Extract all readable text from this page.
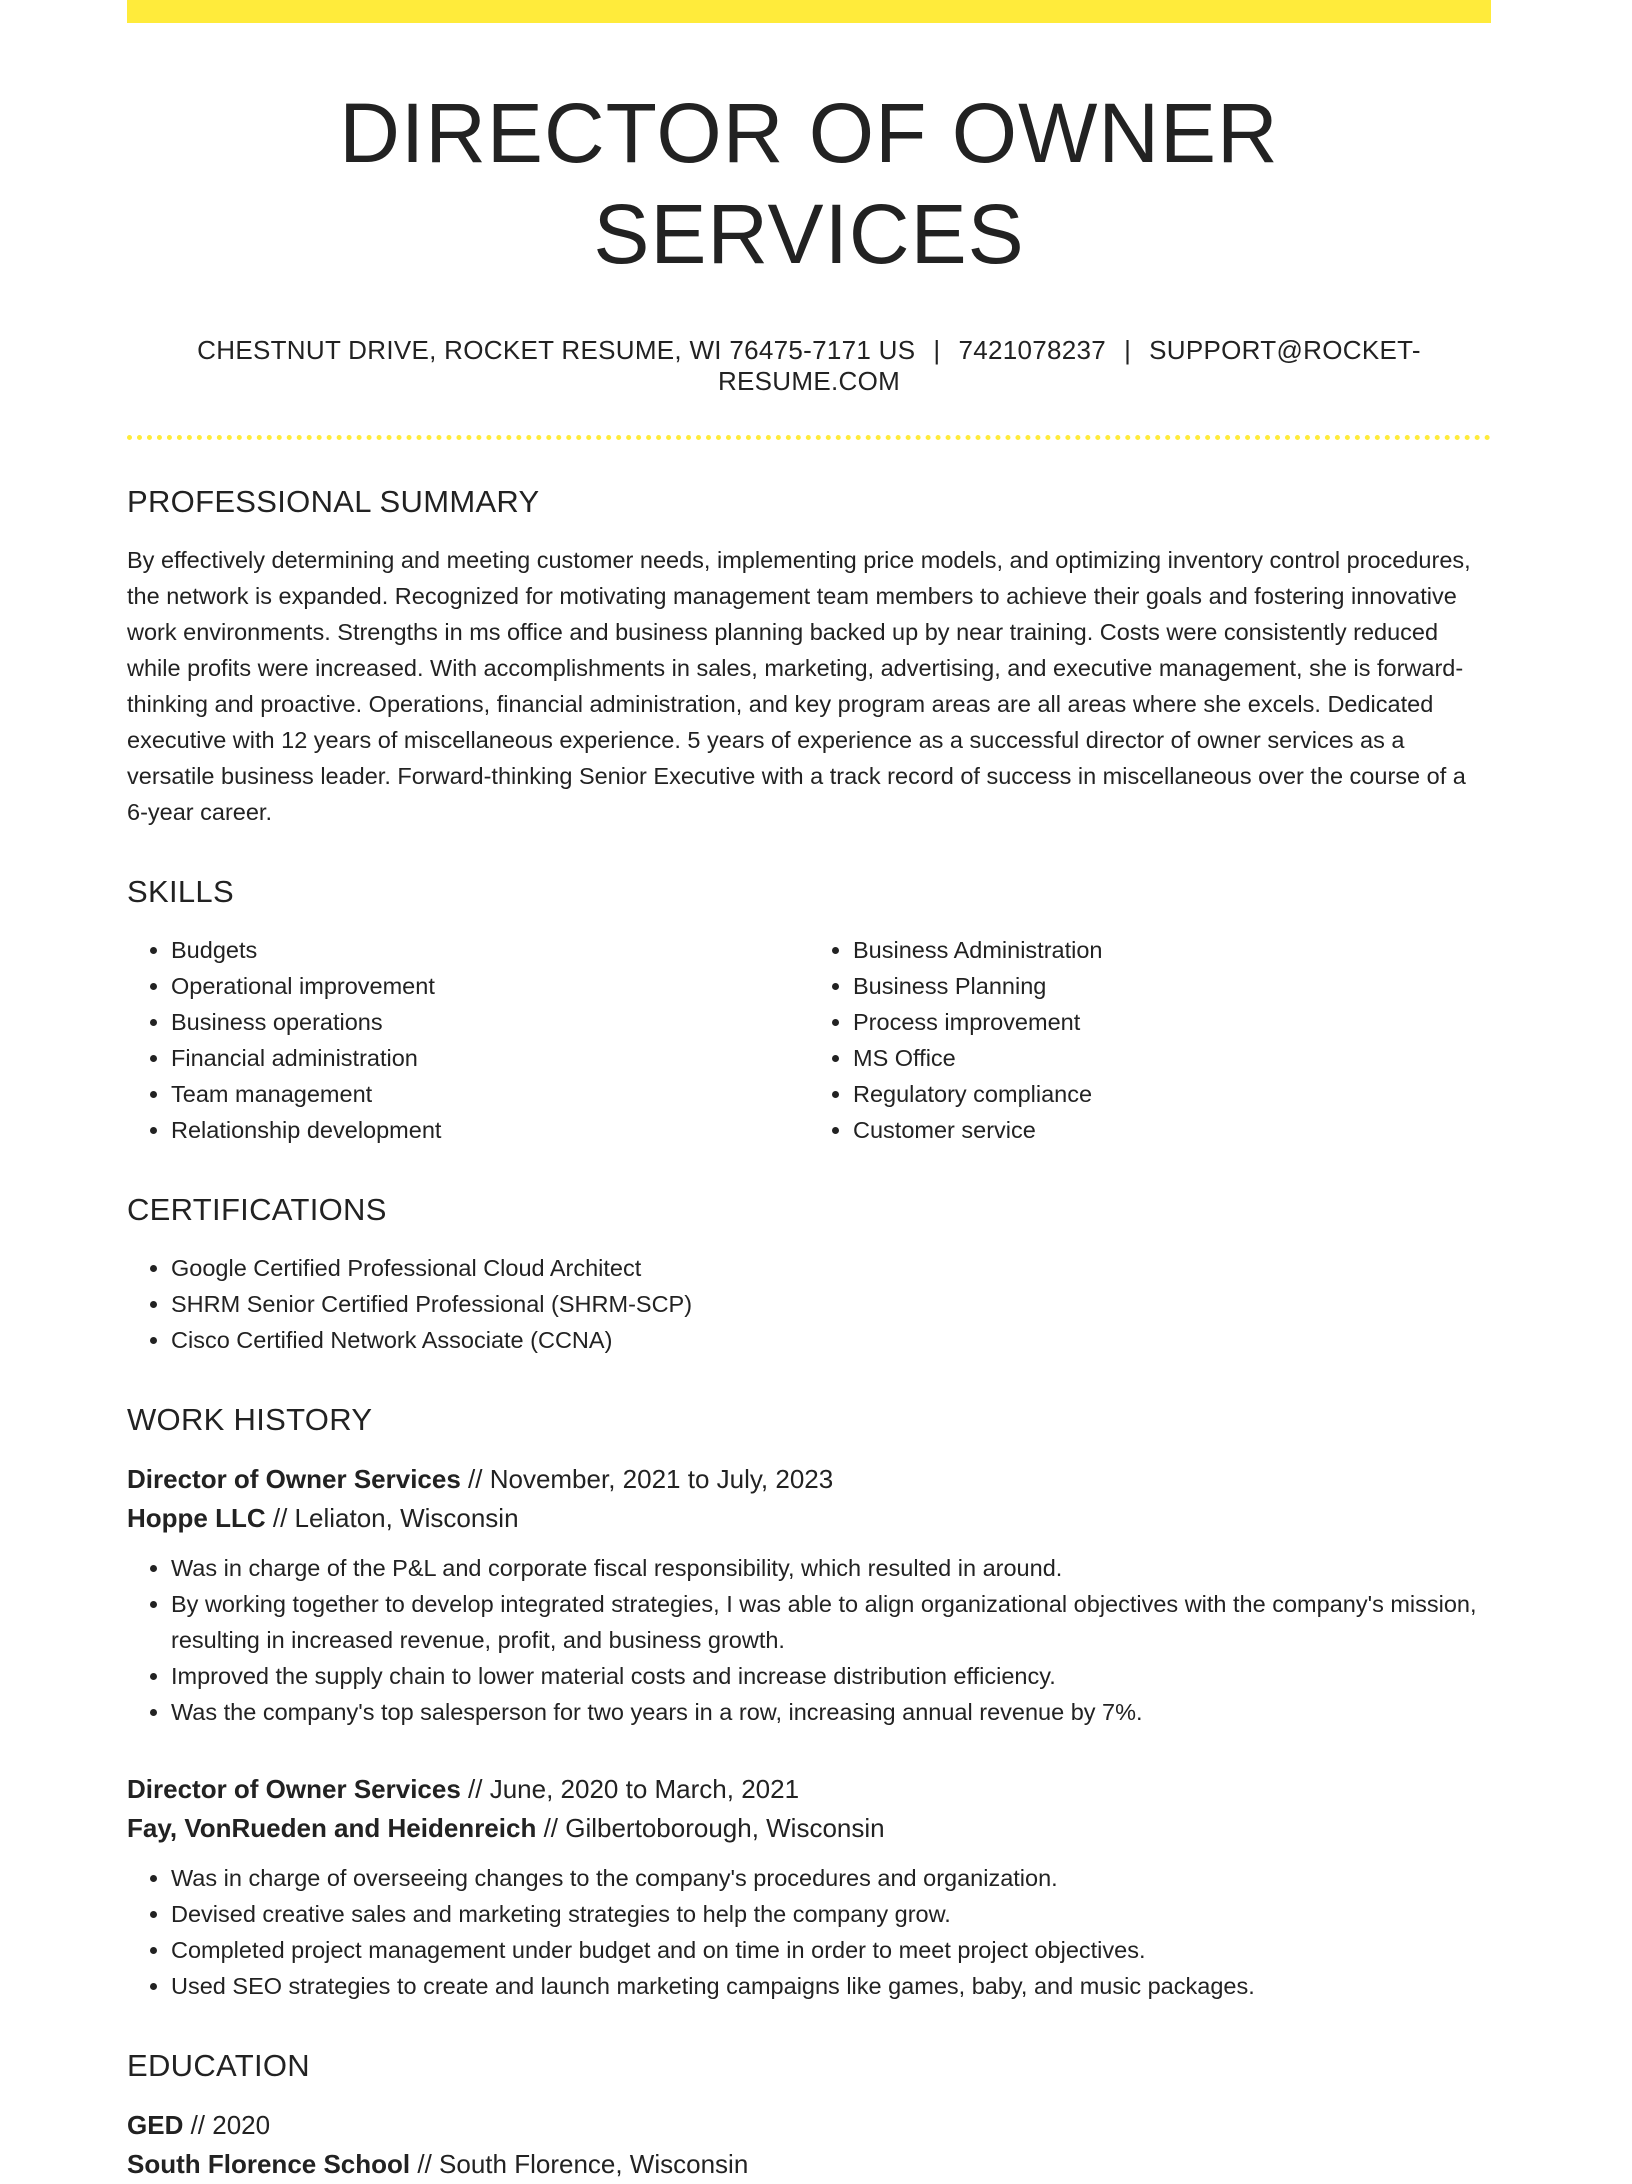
DIRECTOR OF OWNER SERVICES
CHESTNUT DRIVE, ROCKET RESUME, WI 76475-7171 US | 7421078237 | SUPPORT@ROCKET-RESUME.COM
PROFESSIONAL SUMMARY

By effectively determining and meeting customer needs, implementing price models, and optimizing inventory control procedures, the network is expanded. Recognized for motivating management team members to achieve their goals and fostering innovative work environments. Strengths in ms office and business planning backed up by near training. Costs were consistently reduced while profits were increased. With accomplishments in sales, marketing, advertising, and executive management, she is forward-thinking and proactive. Operations, financial administration, and key program areas are all areas where she excels. Dedicated executive with 12 years of miscellaneous experience. 5 years of experience as a successful director of owner services as a versatile business leader. Forward-thinking Senior Executive with a track record of success in miscellaneous over the course of a 6-year career.

SKILLS
• Budgets
• Operational improvement
• Business operations
• Financial administration
• Team management
• Relationship development
• Business Administration
• Business Planning
• Process improvement
• MS Office
• Regulatory compliance
• Customer service
CERTIFICATIONS
• Google Certified Professional Cloud Architect
• SHRM Senior Certified Professional (SHRM-SCP)
• Cisco Certified Network Associate (CCNA)
WORK HISTORY

Director of Owner Services // November, 2021 to July, 2023

Hoppe LLC // Leliaton, Wisconsin

• Was in charge of the P&L and corporate fiscal responsibility, which resulted in around.
• By working together to develop integrated strategies, I was able to align organizational objectives with the company's mission, resulting in increased revenue, profit, and business growth.
• Improved the supply chain to lower material costs and increase distribution efficiency.
• Was the company's top salesperson for two years in a row, increasing annual revenue by 7%.

Director of Owner Services // June, 2020 to March, 2021

Fay, VonRueden and Heidenreich // Gilbertoborough, Wisconsin

• Was in charge of overseeing changes to the company's procedures and organization.
• Devised creative sales and marketing strategies to help the company grow.
• Completed project management under budget and on time in order to meet project objectives.
• Used SEO strategies to create and launch marketing campaigns like games, baby, and music packages.
EDUCATION

GED // 2020

South Florence School // South Florence, Wisconsin
